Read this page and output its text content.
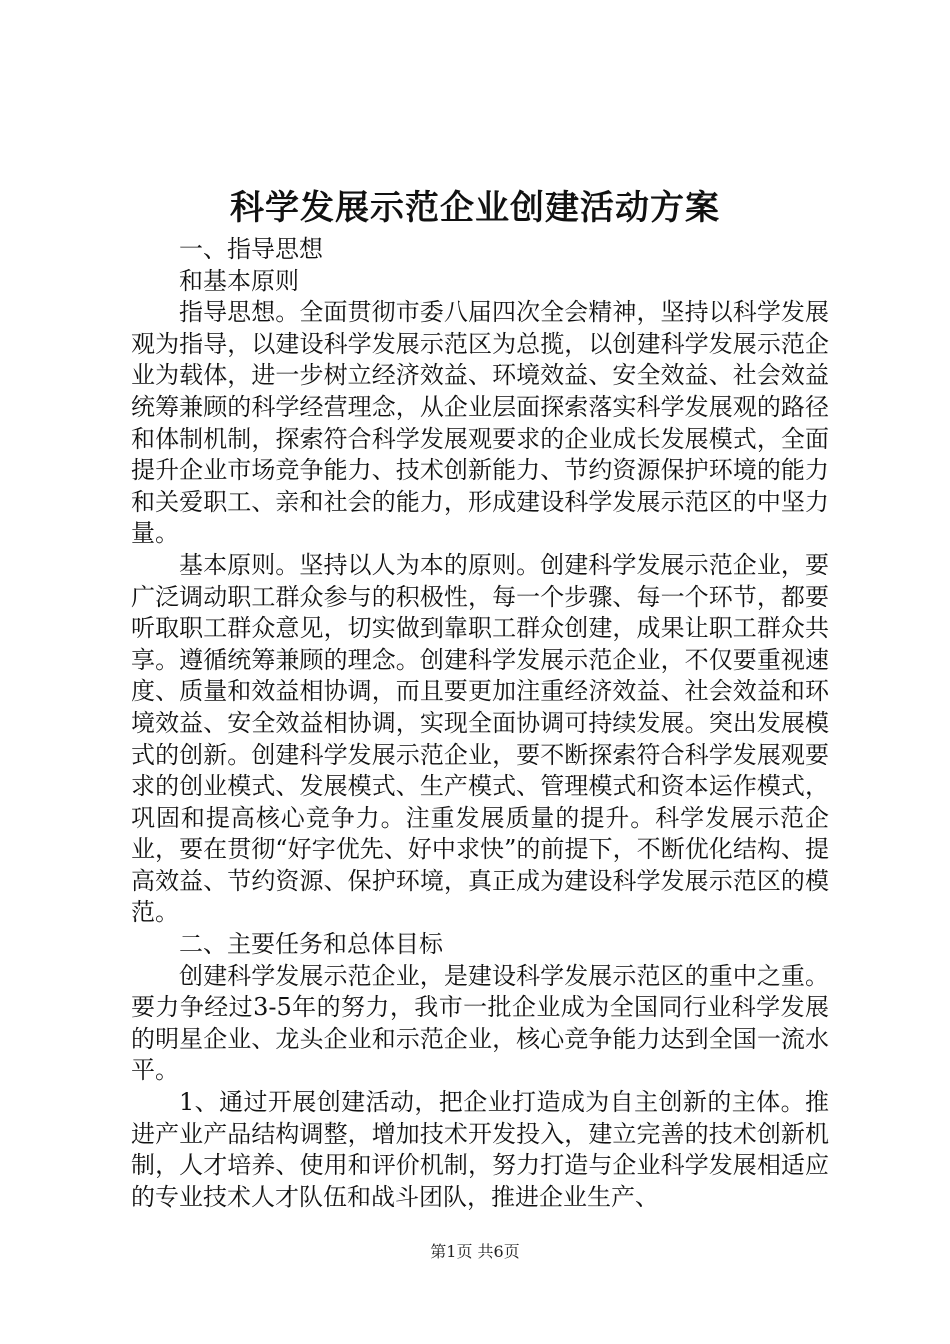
科学发展示范企业创建活动方案

一、指导思想

和基本原则

指导思想。全面贯彻市委八届四次全会精神，坚持以科学发展观为指导，以建设科学发展示范区为总揽，以创建科学发展示范企业为载体，进一步树立经济效益、环境效益、安全效益、社会效益统筹兼顾的科学经营理念，从企业层面探索落实科学发展观的路径和体制机制，探索符合科学发展观要求的企业成长发展模式，全面提升企业市场竞争能力、技术创新能力、节约资源保护环境的能力和关爱职工、亲和社会的能力，形成建设科学发展示范区的中坚力量。

基本原则。坚持以人为本的原则。创建科学发展示范企业，要广泛调动职工群众参与的积极性，每一个步骤、每一个环节，都要听取职工群众意见，切实做到靠职工群众创建，成果让职工群众共享。遵循统筹兼顾的理念。创建科学发展示范企业，不仅要重视速度、质量和效益相协调，而且要更加注重经济效益、社会效益和环境效益、安全效益相协调，实现全面协调可持续发展。突出发展模式的创新。创建科学发展示范企业，要不断探索符合科学发展观要求的创业模式、发展模式、生产模式、管理模式和资本运作模式，巩固和提高核心竞争力。注重发展质量的提升。科学发展示范企业，要在贯彻“好字优先、好中求快”的前提下，不断优化结构、提高效益、节约资源、保护环境，真正成为建设科学发展示范区的模范。

二、主要任务和总体目标

创建科学发展示范企业，是建设科学发展示范区的重中之重。要力争经过3-5年的努力，我市一批企业成为全国同行业科学发展的明星企业、龙头企业和示范企业，核心竞争能力达到全国一流水平。

1、通过开展创建活动，把企业打造成为自主创新的主体。推进产业产品结构调整，增加技术开发投入，建立完善的技术创新机制，人才培养、使用和评价机制，努力打造与企业科学发展相适应的专业技术人才队伍和战斗团队，推进企业生产、

第1页 共6页
